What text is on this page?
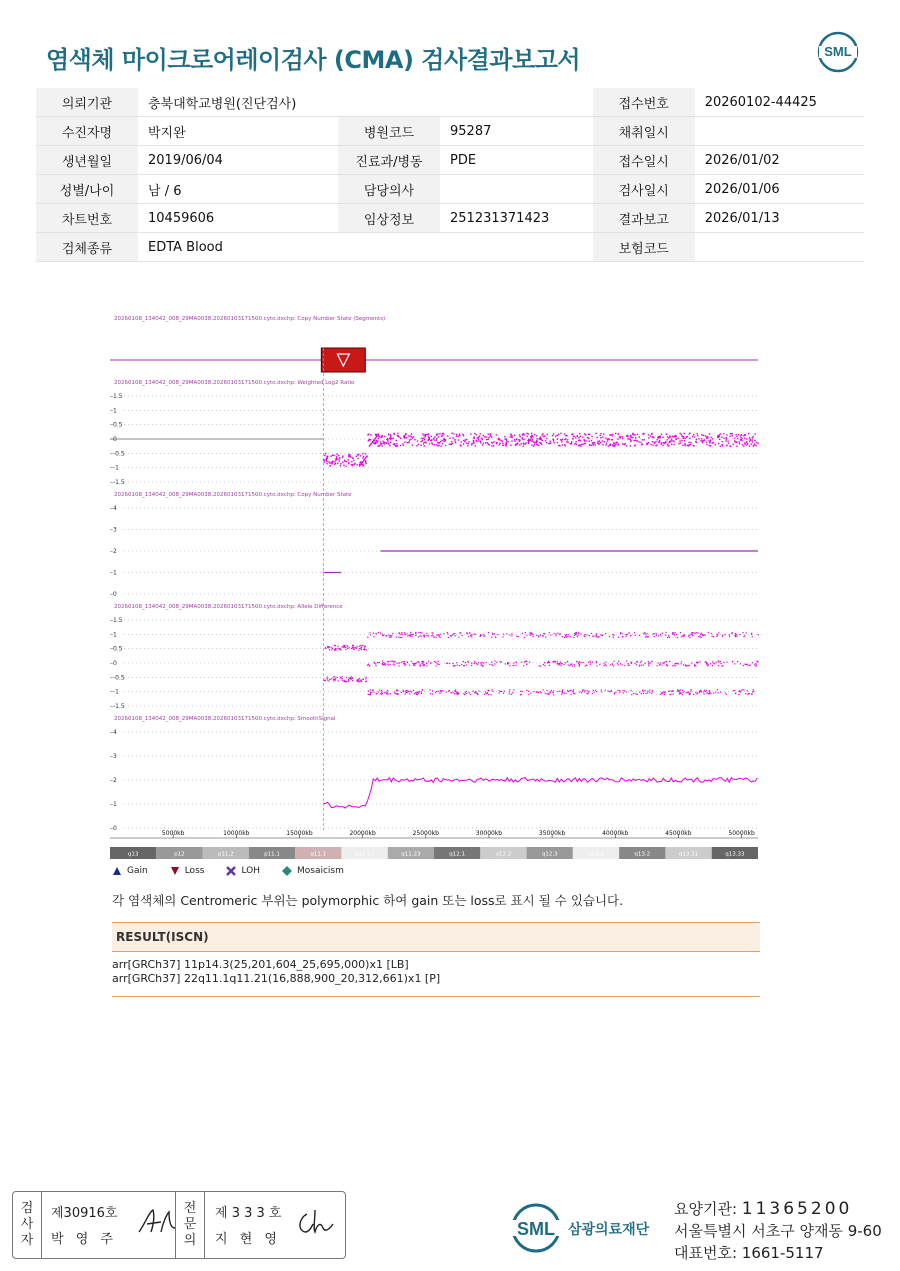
염색체 마이크로어레이검사 (CMA) 검사결과보고서	SML
의뢰기관	충북대학교병원(진단검사)			접수번호	20260102-44425
수진자명	박지완	병원코드	95287	채취일시	
생년월일	2019/06/04	진료과/병동	PDE	접수일시	2026/01/02
성별/나이	남 / 6	담당의사		검사일시	2026/01/06
차트번호	10459606	임상정보	251231371423	결과보고	2026/01/13
검체종류	EDTA Blood			보험코드	
20260108_134042_008_29MA0038.20260103171500.cyto.dxchp: Copy Number State (Segments)
20260108_134042_008_29MA0038.20260103171500.cyto.dxchp: Weighted Log2 Ratio
–1.5
–1
–0.5
–0
–-0.5
–-1
–-1.5
20260108_134042_008_29MA0038.20260103171500.cyto.dxchp: Copy Number State
–4
–3
–2
–1
–0
20260108_134042_008_29MA0038.20260103171500.cyto.dxchp: Allele Difference
–1.5
–1
–0.5
–0
–-0.5
–-1
–-1.5
20260108_134042_008_29MA0038.20260103171500.cyto.dxchp: SmoothSignal
–4
–3
–2
–1
–0
5000kb	10000kb	15000kb	20000kb	25000kb	30000kb	35000kb	40000kb	45000kb	50000kb
q13	p12	p11.2	p11.1	q11.1	q11.21	q11.23	q12.1	q12.2	q12.3	q13.1	q13.2	q13.31	q13.33
Gain	Loss	LOH	Mosaicism
각 염색체의 Centromeric 부위는 polymorphic 하여 gain 또는 loss로 표시 될 수 있습니다.
RESULT(ISCN)
arr[GRCh37] 11p14.3(25,201,604_25,695,000)x1 [LB]
arr[GRCh37] 22q11.1q11.21(16,888,900_20,312,661)x1 [P]
검
사
자
제30916호
박 영 주
전
문
의
제 3 3 3 호
지 현 영
SML 삼광의료재단
요양기관: 11365200
서울특별시 서초구 양재동 9-60
대표번호: 1661-5117
